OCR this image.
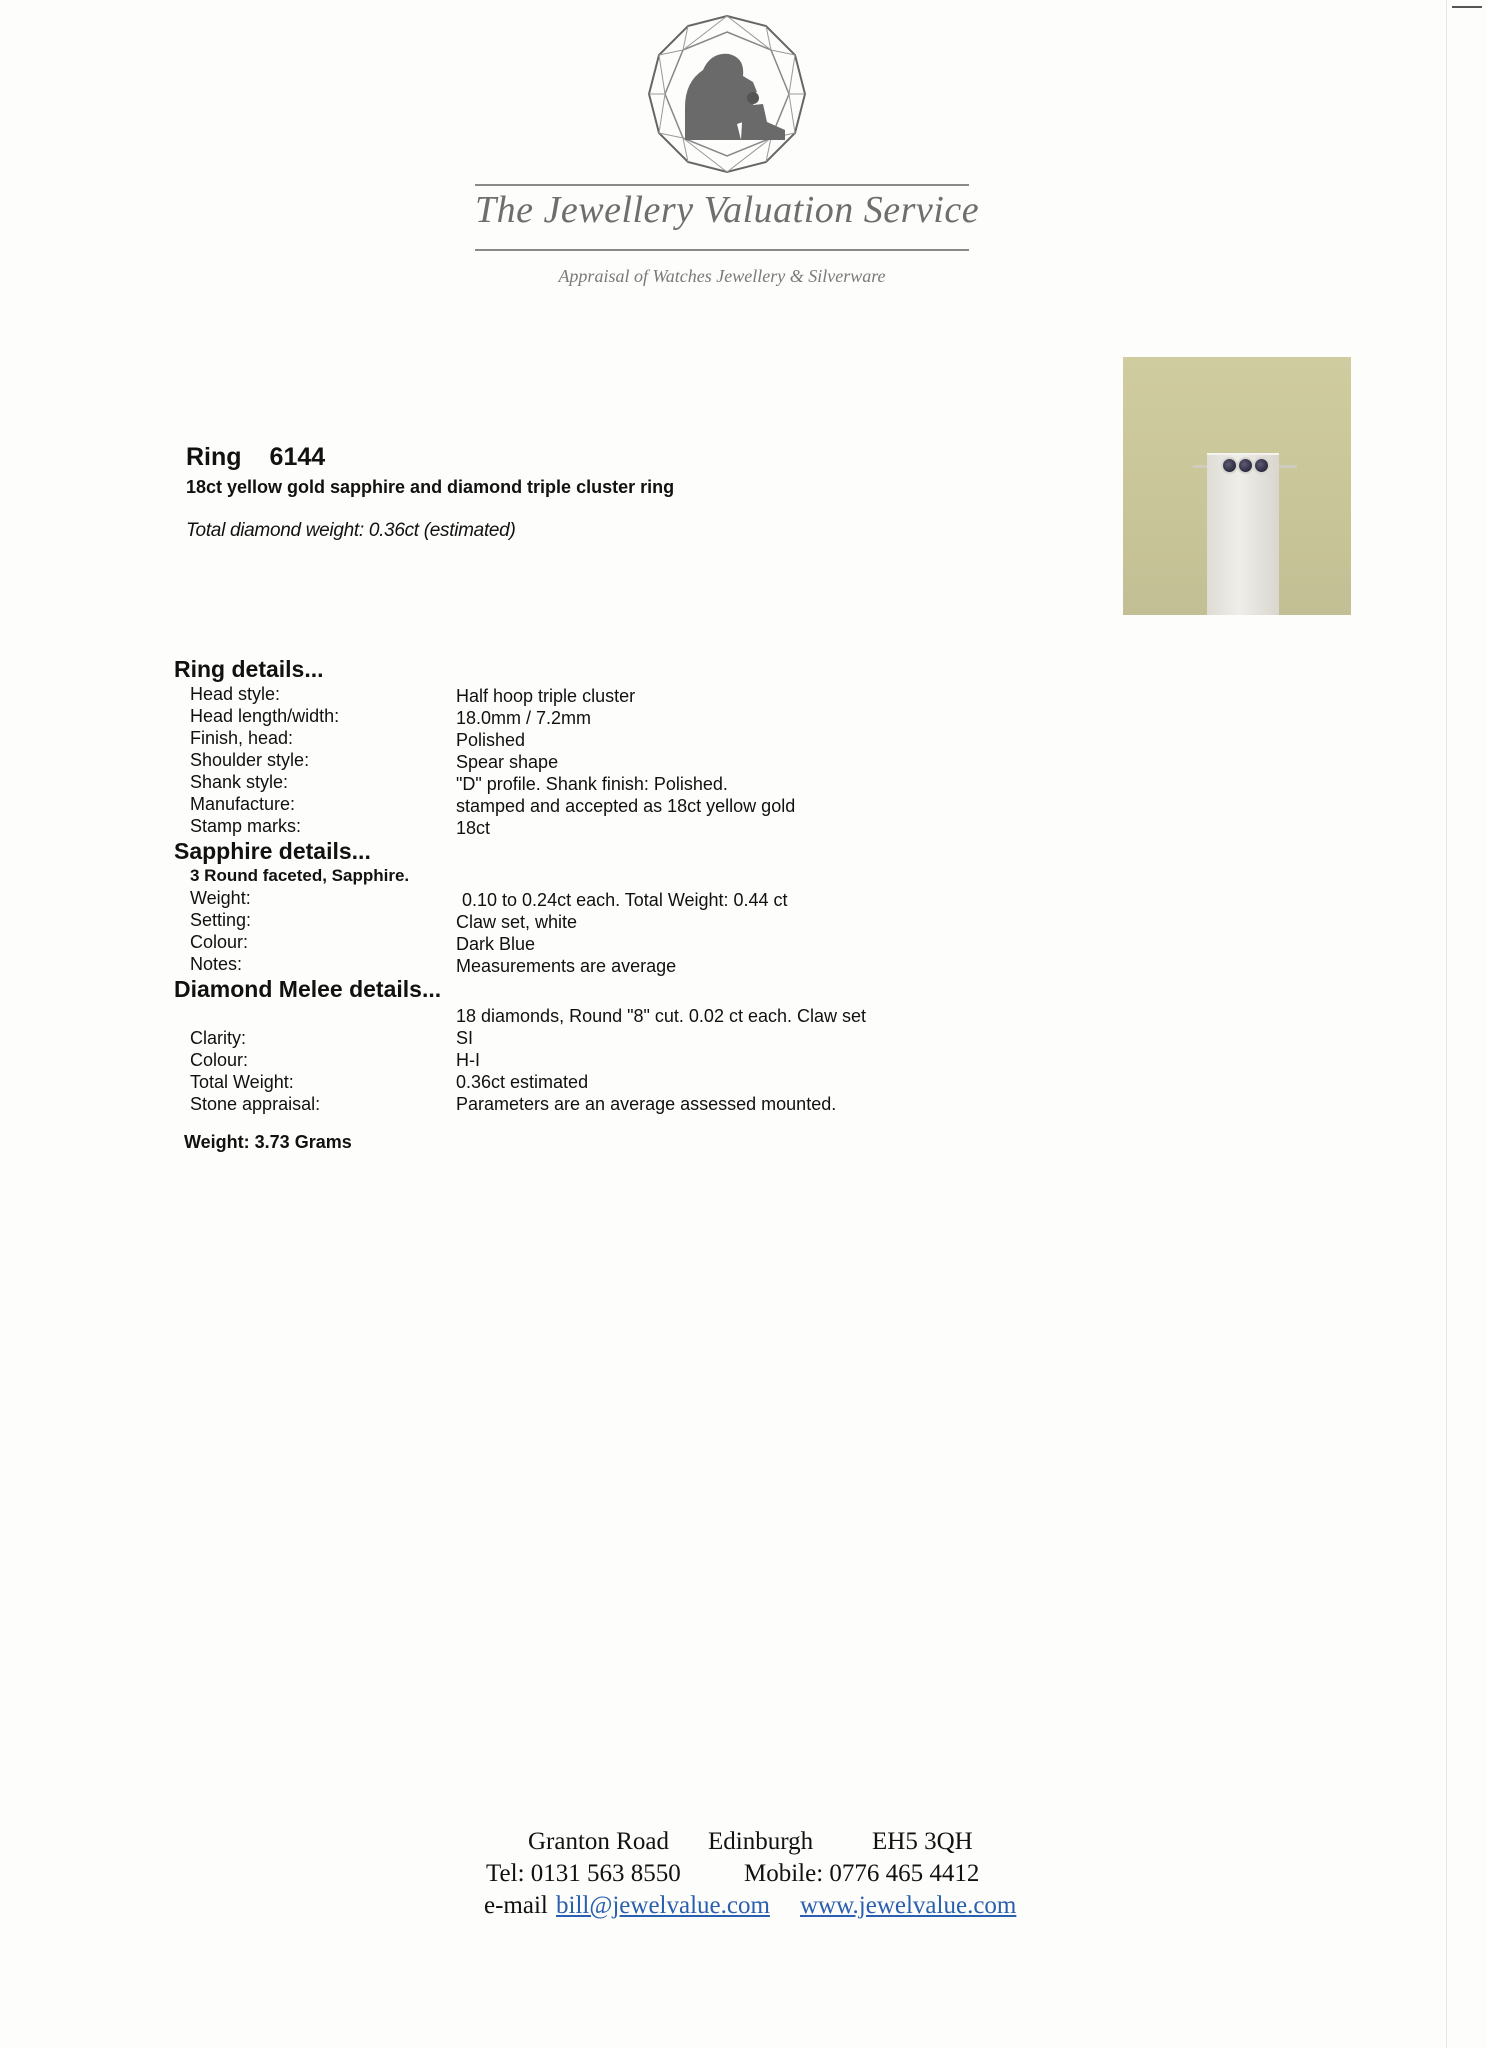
The Jewellery Valuation Service
Appraisal of Watches Jewellery & Silverware
Ring 6144
18ct yellow gold sapphire and diamond triple cluster ring
Total diamond weight: 0.36ct (estimated)
Ring details...
Head style:	Half hoop triple cluster
Head length/width:	18.0mm / 7.2mm
Finish, head:	Polished
Shoulder style:	Spear shape
Shank style:	"D" profile. Shank finish: Polished.
Manufacture:	stamped and accepted as 18ct yellow gold
Stamp marks:	18ct
Sapphire details...
3 Round faceted, Sapphire.
Weight:	0.10 to 0.24ct each. Total Weight: 0.44 ct
Setting:	Claw set, white
Colour:	Dark Blue
Notes:	Measurements are average
Diamond Melee details...
18 diamonds, Round "8" cut. 0.02 ct each. Claw set
Clarity:	SI
Colour:	H-I
Total Weight:	0.36ct estimated
Stone appraisal:	Parameters are an average assessed mounted.
Weight: 3.73 Grams
Granton Road Edinburgh EH5 3QH
Tel: 0131 563 8550	Mobile: 0776 465 4412
e-mail bill@jewelvalue.com www.jewelvalue.com
